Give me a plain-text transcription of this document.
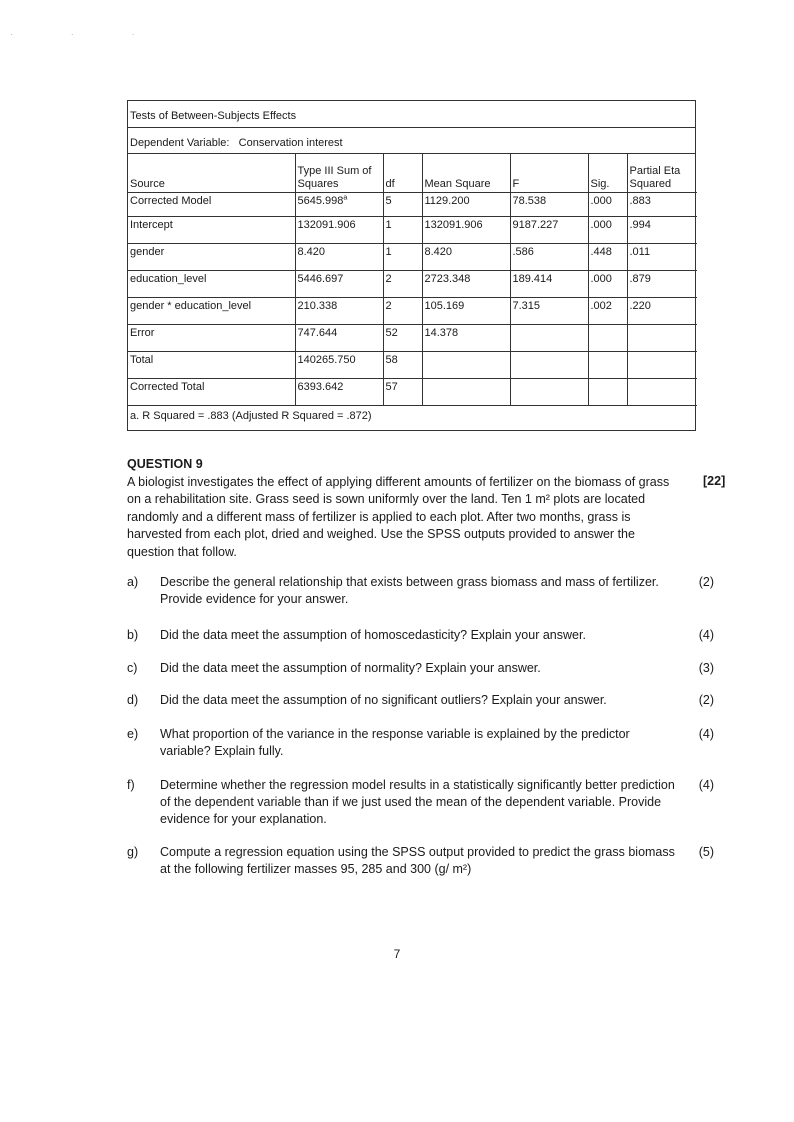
· · ·
Tests of Between-Subjects Effects
Dependent Variable: Conservation interest
Source	Type III Sum of Squares	df	Mean Square	F	Sig.	Partial Eta Squared
Corrected Model	5645.998$^a$	5	1129.200	78.538	.000	.883
Intercept	132091.906	1	132091.906	9187.227	.000	.994
gender	8.420	1	8.420	.586	.448	.011
education_level	5446.697	2	2723.348	189.414	.000	.879
gender * education_level	210.338	2	105.169	7.315	.002	.220
Error	747.644	52	14.378			
Total	140265.750	58				
Corrected Total	6393.642	57				
a. R Squared = .883 (Adjusted R Squared = .872)
QUESTION 9
[22]
A biologist investigates the effect of applying different amounts of fertilizer on the biomass of grass on a rehabilitation site. Grass seed is sown uniformly over the land. Ten 1 m² plots are located randomly and a different mass of fertilizer is applied to each plot. After two months, grass is harvested from each plot, dried and weighed. Use the SPSS outputs provided to answer the question that follow.
a) Describe the general relationship that exists between grass biomass and mass of fertilizer. Provide evidence for your answer.
(2)
b) Did the data meet the assumption of homoscedasticity? Explain your answer.	(4)
c) Did the data meet the assumption of normality? Explain your answer.	(3)
d) Did the data meet the assumption of no significant outliers? Explain your answer.	(2)
e) What proportion of the variance in the response variable is explained by the predictor variable? Explain fully.
(4)
f) Determine whether the regression model results in a statistically significantly better prediction of the dependent variable than if we just used the mean of the dependent variable. Provide evidence for your explanation.
(4)
g) Compute a regression equation using the SPSS output provided to predict the grass biomass at the following fertilizer masses 95, 285 and 300 (g/ m²)
(5)
7
